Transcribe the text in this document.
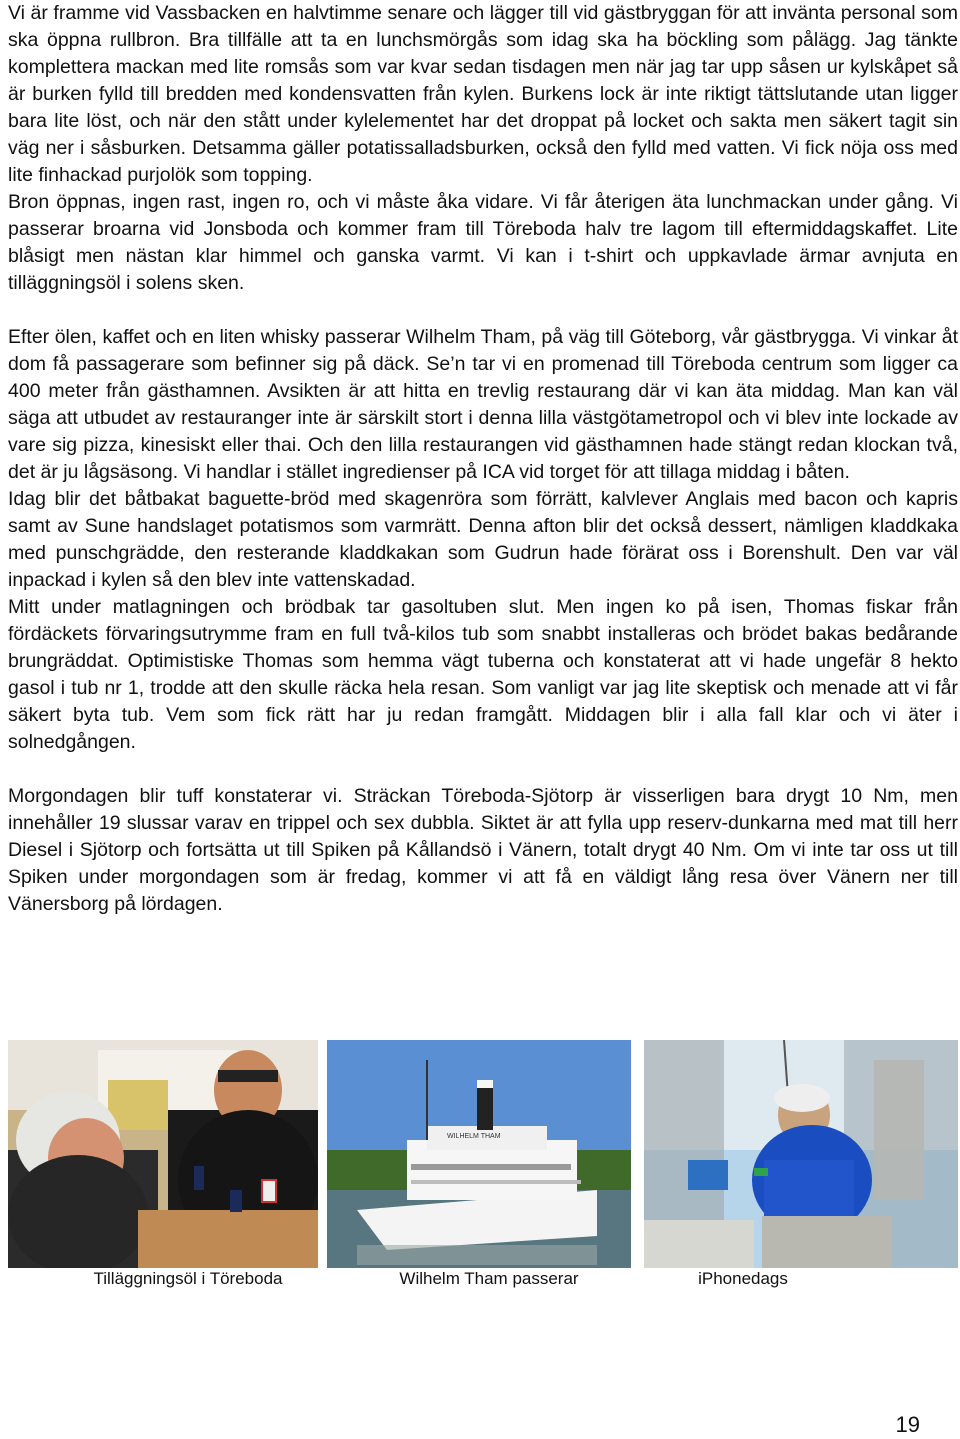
Vi är framme vid Vassbacken en halvtimme senare och lägger till vid gästbryggan för att invänta personal som ska öppna rullbron. Bra tillfälle att ta en lunchsmörgås som idag ska ha böckling som pålägg. Jag tänkte komplettera mackan med lite romsås som var kvar sedan tisdagen men när jag tar upp såsen ur kylskåpet så är burken fylld till bredden med kondensvatten från kylen. Burkens lock är inte riktigt tättslutande utan ligger bara lite löst, och när den stått under kylelementet har det droppat på locket och sakta men säkert tagit sin väg ner i såsburken. Detsamma gäller potatissalladsburken, också den fylld med vatten. Vi fick nöja oss med lite finhackad purjolök som topping.

Bron öppnas, ingen rast, ingen ro, och vi måste åka vidare. Vi får återigen äta lunchmackan under gång. Vi passerar broarna vid Jonsboda och kommer fram till Töreboda halv tre lagom till eftermiddagskaffet. Lite blåsigt men nästan klar himmel och ganska varmt. Vi kan i t-shirt och uppkavlade ärmar avnjuta en tilläggningsöl i solens sken.

Efter ölen, kaffet och en liten whisky passerar Wilhelm Tham, på väg till Göteborg, vår gästbrygga. Vi vinkar åt dom få passagerare som befinner sig på däck. Se’n tar vi en promenad till Töreboda centrum som ligger ca 400 meter från gästhamnen. Avsikten är att hitta en trevlig restaurang där vi kan äta middag. Man kan väl säga att utbudet av restauranger inte är särskilt stort i denna lilla västgötametropol och vi blev inte lockade av vare sig pizza, kinesiskt eller thai. Och den lilla restaurangen vid gästhamnen hade stängt redan klockan två, det är ju lågsäsong. Vi handlar i stället ingredienser på ICA vid torget för att tillaga middag i båten.

Idag blir det båtbakat baguette-bröd med skagenröra som förrätt, kalvlever Anglais med bacon och kapris samt av Sune handslaget potatismos som varmrätt. Denna afton blir det också dessert, nämligen kladdkaka med punschgrädde, den resterande kladdkakan som Gudrun hade förärat oss i Borenshult. Den var väl inpackad i kylen så den blev inte vattenskadad.

Mitt under matlagningen och brödbak tar gasoltuben slut. Men ingen ko på isen, Thomas fiskar från fördäckets förvaringsutrymme fram en full två-kilos tub som snabbt installeras och brödet bakas bedårande brungräddat. Optimistiske Thomas som hemma vägt tuberna och konstaterat att vi hade ungefär 8 hekto gasol i tub nr 1, trodde att den skulle räcka hela resan. Som vanligt var jag lite skeptisk och menade att vi får säkert byta tub. Vem som fick rätt har ju redan framgått. Middagen blir i alla fall klar och vi äter i solnedgången.

Morgondagen blir tuff konstaterar vi. Sträckan Töreboda-Sjötorp är visserligen bara drygt 10 Nm, men innehåller 19 slussar varav en trippel och sex dubbla. Siktet är att fylla upp reserv-dunkarna med mat till herr Diesel i Sjötorp och fortsätta ut till Spiken på Kållandsö i Vänern, totalt drygt 40 Nm. Om vi inte tar oss ut till Spiken under morgondagen som är fredag, kommer vi att få en väldigt lång resa över Vänern ner till Vänersborg på lördagen.

WILHELM THAM
Tilläggningsöl i Töreboda	Wilhelm Tham passerar	iPhonedags
19
